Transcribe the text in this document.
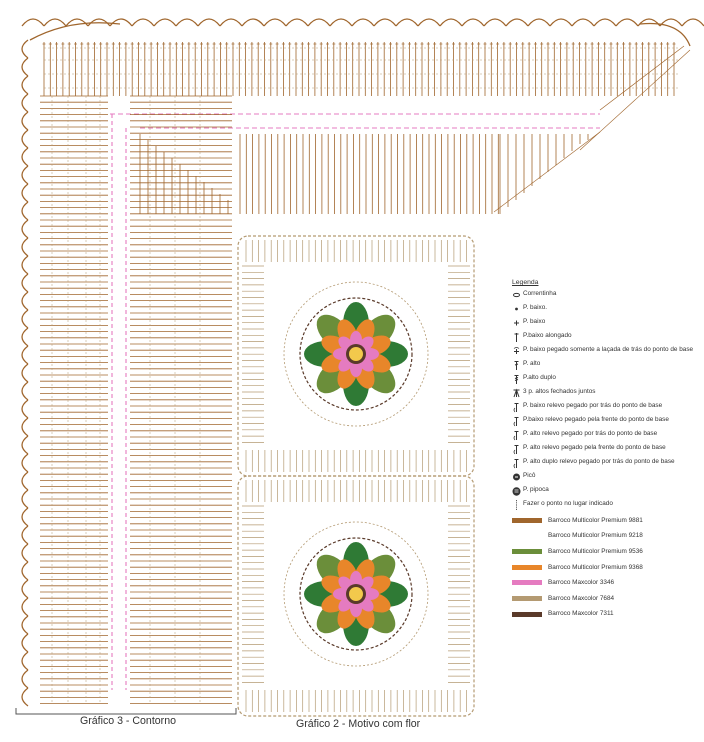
Legenda
Correntinha
P. baixo.
P. baixo
P.baixo alongado
P. baixo pegado somente a laçada de trás do ponto de base
P. alto
P.alto duplo
3 p. altos fechados juntos
P. baixo relevo pegado por trás do ponto de base
P.baixo relevo pegado pela frente do ponto de base
P. alto relevo pegado por trás do ponto de base
P. alto relevo pegado pela frente do ponto de base
P. alto duplo relevo pegado por trás do ponto de base
Picô
P. pipoca
Fazer o ponto no lugar indicado
Barroco Multicolor Premium 9881
Barroco Multicolor Premium 9218
Barroco Multicolor Premium 9536
Barroco Multicolor Premium 9368
Barroco Maxcolor 3346
Barroco Maxcolor 7684
Barroco Maxcolor 7311
Gráfico 3 - Contorno	Gráfico 2 - Motivo com flor
